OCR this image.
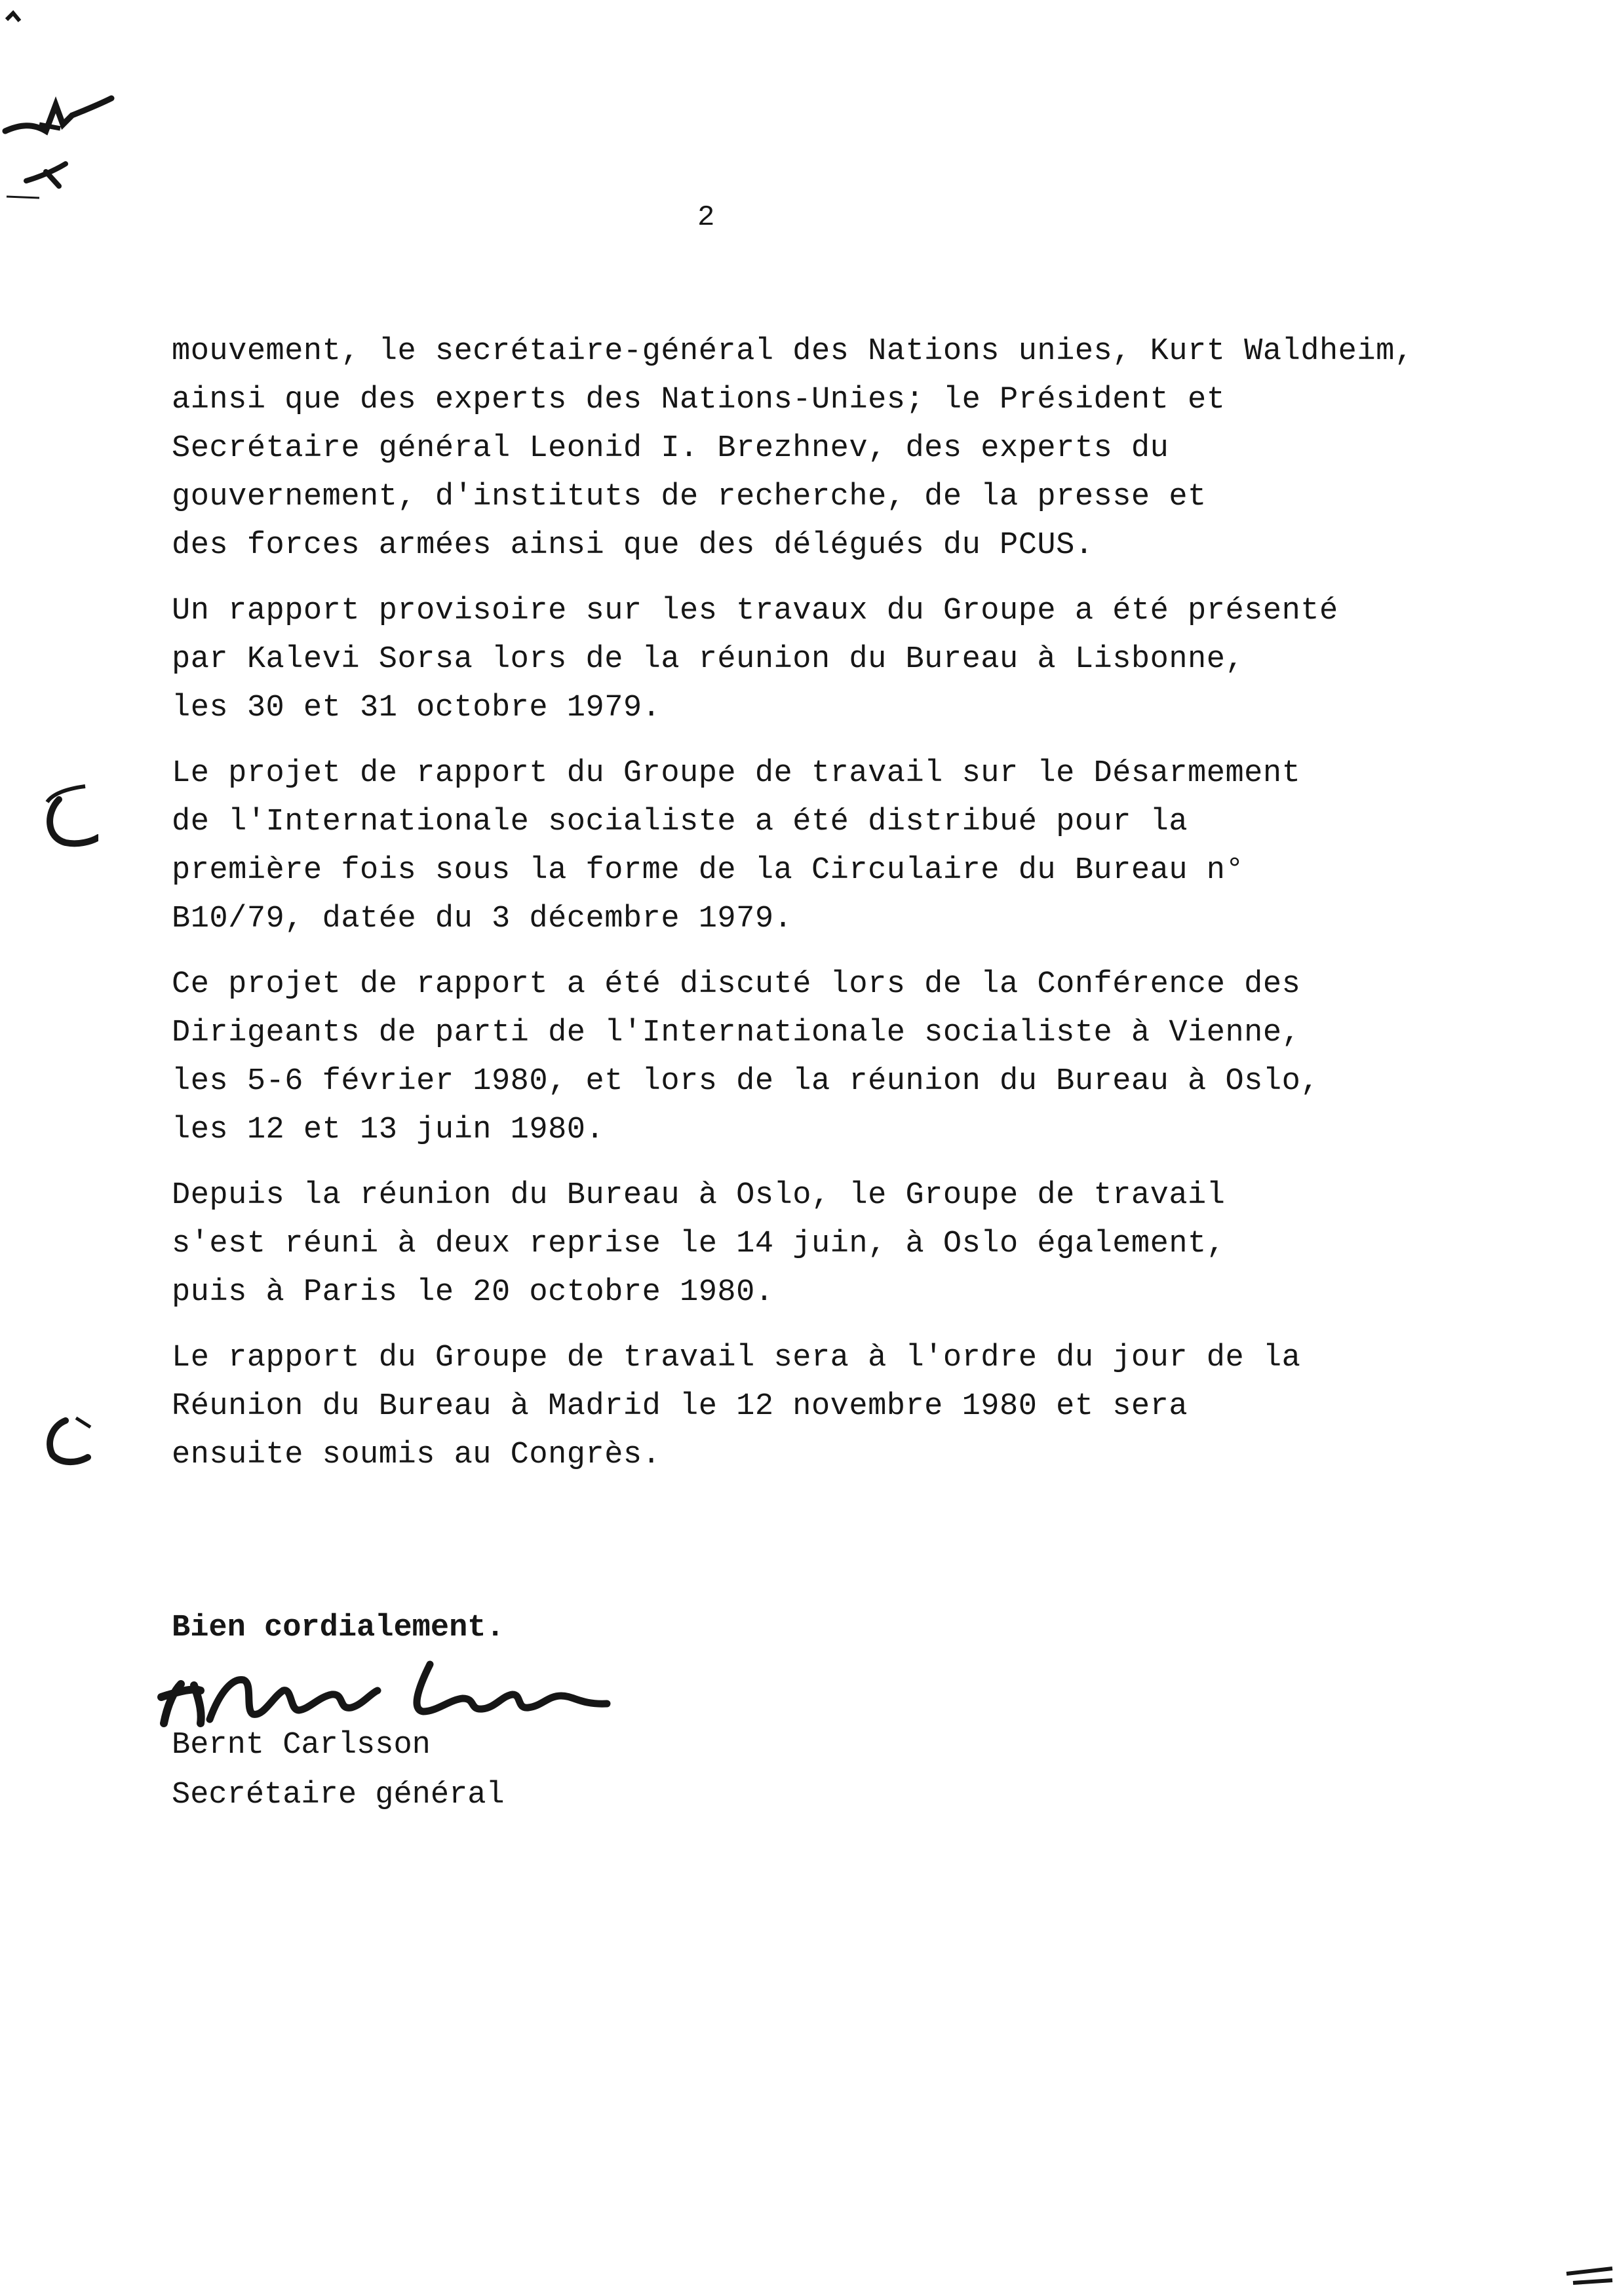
2
mouvement, le secrétaire-général des Nations unies, Kurt Waldheim,
ainsi que des experts des Nations-Unies; le Président et
Secrétaire général Leonid I. Brezhnev, des experts du
gouvernement, d'instituts de recherche, de la presse et
des forces armées ainsi que des délégués du PCUS.
Un rapport provisoire sur les travaux du Groupe a été présenté
par Kalevi Sorsa lors de la réunion du Bureau à Lisbonne,
les 30 et 31 octobre 1979.
Le projet de rapport du Groupe de travail sur le Désarmement
de l'Internationale socialiste a été distribué pour la
première fois sous la forme de la Circulaire du Bureau n°
B10/79, datée du 3 décembre 1979.
Ce projet de rapport a été discuté lors de la Conférence des
Dirigeants de parti de l'Internationale socialiste à Vienne,
les 5-6 février 1980, et lors de la réunion du Bureau à Oslo,
les 12 et 13 juin 1980.
Depuis la réunion du Bureau à Oslo, le Groupe de travail
s'est réuni à deux reprise le 14 juin, à Oslo également,
puis à Paris le 20 octobre 1980.
Le rapport du Groupe de travail sera à l'ordre du jour de la
Réunion du Bureau à Madrid le 12 novembre 1980 et sera
ensuite soumis au Congrès.
Bien cordialement.
Bernt Carlsson
Secrétaire général
